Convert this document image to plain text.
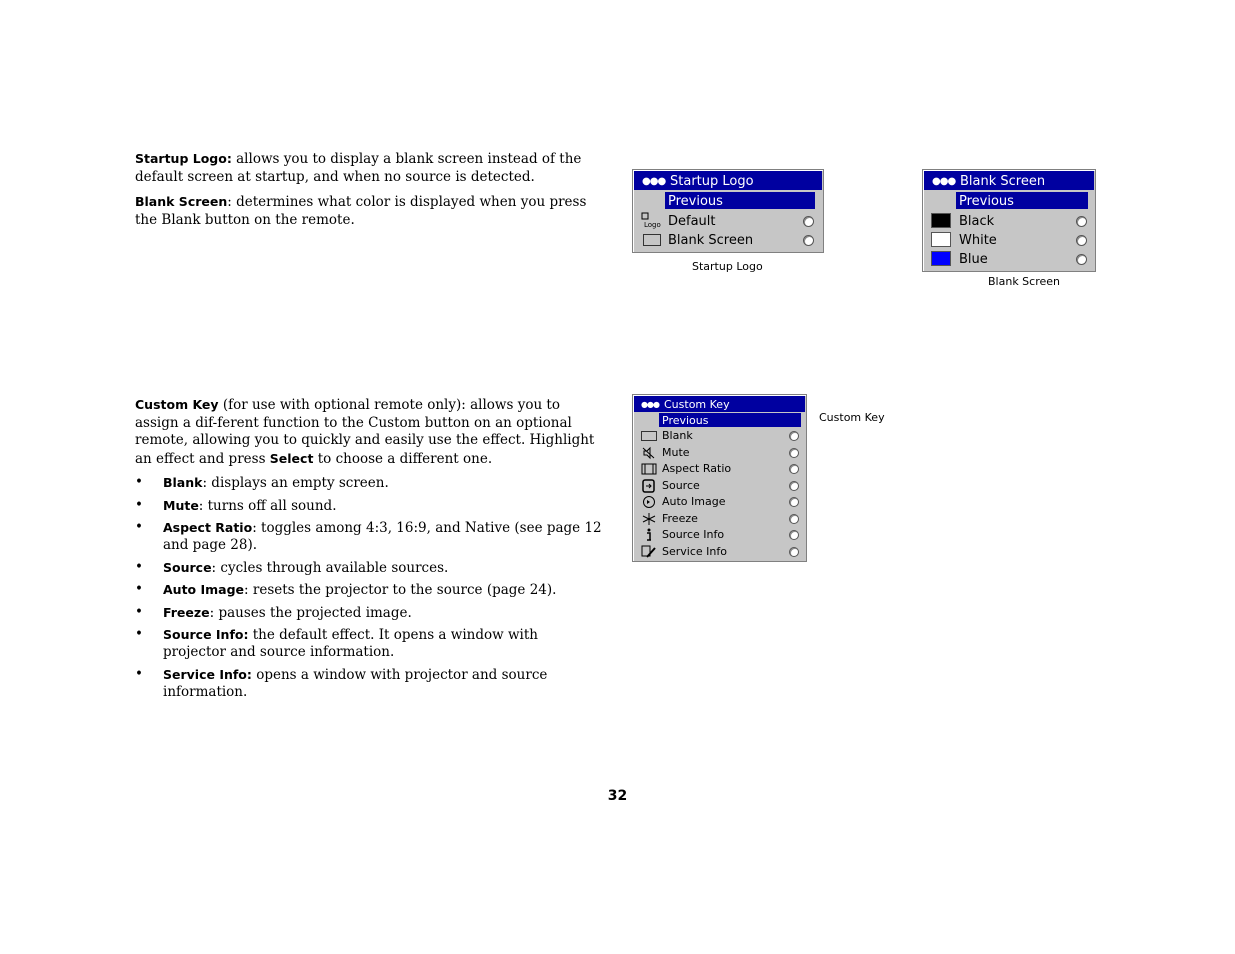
Startup Logo: allows you to display a blank screen instead of the default screen at startup, and when no source is detected.

Blank Screen: determines what color is displayed when you press the Blank button on the remote.

Custom Key (for use with optional remote only): allows you to assign a dif-ferent function to the Custom button on an optional remote, allowing you to quickly and easily use the effect. Highlight an effect and press Select to choose a different one.

• Blank: displays an empty screen.
• Mute: turns off all sound.
• Aspect Ratio: toggles among 4:3, 16:9, and Native (see page 12 and page 28).
• Source: cycles through available sources.
• Auto Image: resets the projector to the source (page 24).
• Freeze: pauses the projected image.
• Source Info: the default effect. It opens a window with projector and source information.
• Service Info: opens a window with projector and source information.
●●● Startup Logo
Previous
Logo Default
Blank Screen
Startup Logo
●●● Blank Screen
Previous
Black
White
Blue
Blank Screen
●●● Custom Key
Previous
Blank
Mute
Aspect Ratio
Source
Auto Image
Freeze
Source Info
Service Info
Custom Key
32
